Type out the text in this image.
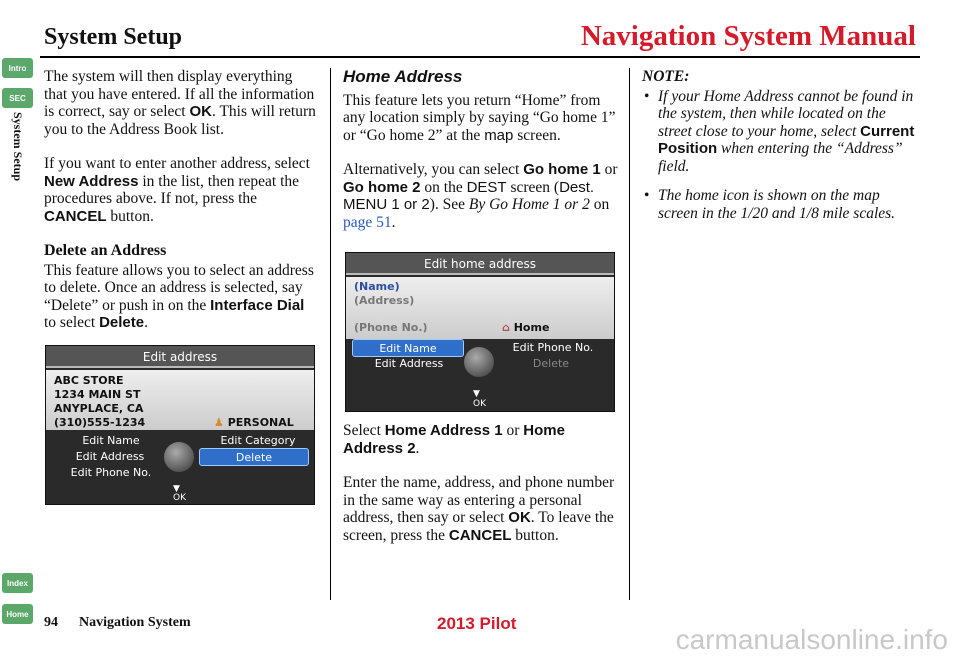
System Setup	Navigation System Manual
Intro
SEC
System Setup
Index
Home

The system will then display everything that you have entered. If all the information is correct, say or select OK. This will return you to the Address Book list.

If you want to enter another address, select New Address in the list, then repeat the procedures above. If not, press the CANCEL button.

Delete an Address

This feature allows you to select an address to delete. Once an address is selected, say “Delete” or push in on the Interface Dial to select Delete.

Edit address
ABC STORE
1234 MAIN ST
ANYPLACE, CA
(310)555-1234	♟ PERSONAL
Edit Name
Edit Address
Edit Phone No.
Edit Category
Delete
▼
OK
Home Address

This feature lets you return “Home” from any location simply by saying “Go home 1” or “Go home 2” at the map screen.

Alternatively, you can select Go home 1 or Go home 2 on the DEST screen (Dest. MENU 1 or 2). See By Go Home 1 or 2 on page 51.

Edit home address
(Name)
(Address)
(Phone No.)	⌂ Home
Edit Name
Edit Address
Edit Phone No.
Delete
▼
OK

Select Home Address 1 or Home Address 2.

Enter the name, address, and phone number in the same way as entering a personal address, then say or select OK. To leave the screen, press the CANCEL button.

NOTE:
• If your Home Address cannot be found in the system, then while located on the street close to your home, select Current Position when entering the “Address” field.
• The home icon is shown on the map screen in the 1/20 and 1/8 mile scales.
94 Navigation System	2013 Pilot
carmanualsonline.info
